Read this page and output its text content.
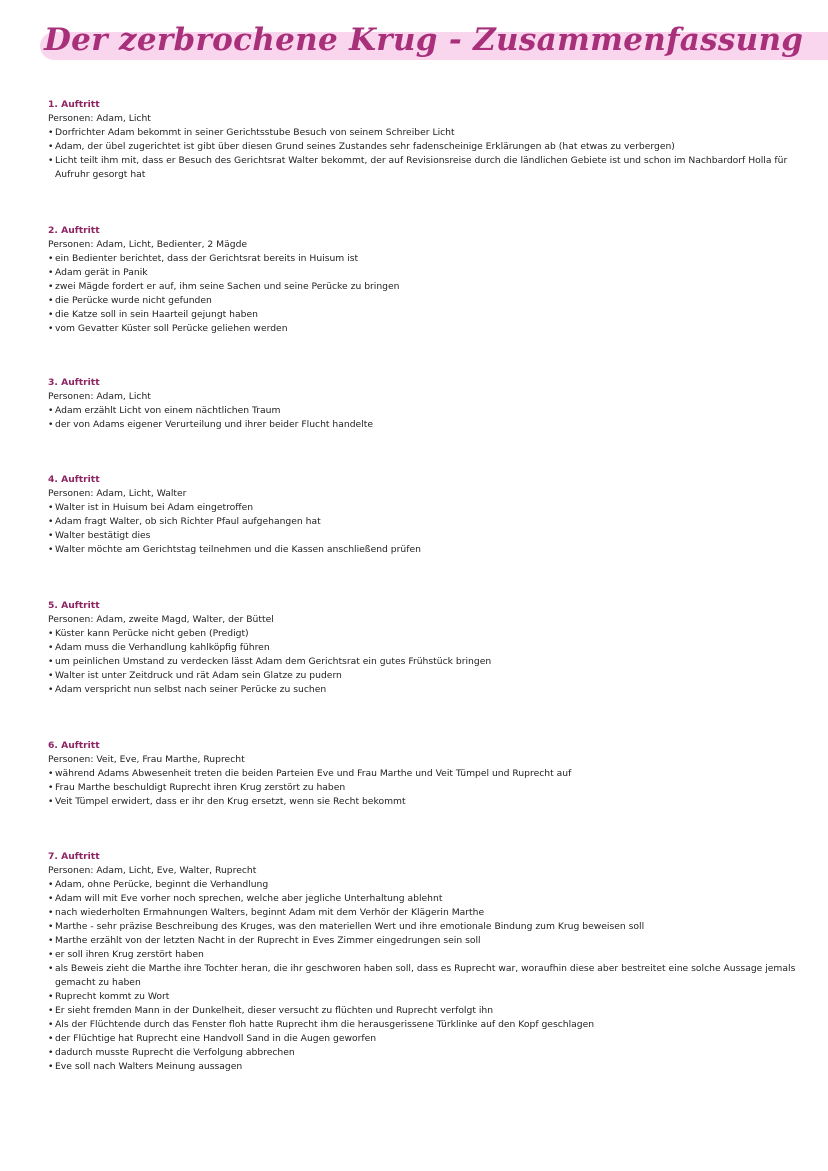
Der zerbrochene Krug - Zusammenfassung
1. Auftritt
Personen: Adam, Licht
• Dorfrichter Adam bekommt in seiner Gerichtsstube Besuch von seinem Schreiber Licht
• Adam, der übel zugerichtet ist gibt über diesen Grund seines Zustandes sehr fadenscheinige Erklärungen ab (hat etwas zu verbergen)
• Licht teilt ihm mit, dass er Besuch des Gerichtsrat Walter bekommt, der auf Revisionsreise durch die ländlichen Gebiete ist und schon im Nachbardorf Holla für Aufruhr gesorgt hat
2. Auftritt
Personen: Adam, Licht, Bedienter, 2 Mägde
• ein Bedienter berichtet, dass der Gerichtsrat bereits in Huisum ist
• Adam gerät in Panik
• zwei Mägde fordert er auf, ihm seine Sachen und seine Perücke zu bringen
• die Perücke wurde nicht gefunden
• die Katze soll in sein Haarteil gejungt haben
• vom Gevatter Küster soll Perücke geliehen werden
3. Auftritt
Personen: Adam, Licht
• Adam erzählt Licht von einem nächtlichen Traum
• der von Adams eigener Verurteilung und ihrer beider Flucht handelte
4. Auftritt
Personen: Adam, Licht, Walter
• Walter ist in Huisum bei Adam eingetroffen
• Adam fragt Walter, ob sich Richter Pfaul aufgehangen hat
• Walter bestätigt dies
• Walter möchte am Gerichtstag teilnehmen und die Kassen anschließend prüfen
5. Auftritt
Personen: Adam, zweite Magd, Walter, der Büttel
• Küster kann Perücke nicht geben (Predigt)
• Adam muss die Verhandlung kahlköpfig führen
• um peinlichen Umstand zu verdecken lässt Adam dem Gerichtsrat ein gutes Frühstück bringen
• Walter ist unter Zeitdruck und rät Adam sein Glatze zu pudern
• Adam verspricht nun selbst nach seiner Perücke zu suchen
6. Auftritt
Personen: Veit, Eve, Frau Marthe, Ruprecht
• während Adams Abwesenheit treten die beiden Parteien Eve und Frau Marthe und Veit Tümpel und Ruprecht auf
• Frau Marthe beschuldigt Ruprecht ihren Krug zerstört zu haben
• Veit Tümpel erwidert, dass er ihr den Krug ersetzt, wenn sie Recht bekommt
7. Auftritt
Personen: Adam, Licht, Eve, Walter, Ruprecht
• Adam, ohne Perücke, beginnt die Verhandlung
• Adam will mit Eve vorher noch sprechen, welche aber jegliche Unterhaltung ablehnt
• nach wiederholten Ermahnungen Walters, beginnt Adam mit dem Verhör der Klägerin Marthe
• Marthe - sehr präzise Beschreibung des Kruges, was den materiellen Wert und ihre emotionale Bindung zum Krug beweisen soll
• Marthe erzählt von der letzten Nacht in der Ruprecht in Eves Zimmer eingedrungen sein soll
• er soll ihren Krug zerstört haben
• als Beweis zieht die Marthe ihre Tochter heran, die ihr geschworen haben soll, dass es Ruprecht war, woraufhin diese aber bestreitet eine solche Aussage jemals gemacht zu haben
• Ruprecht kommt zu Wort
• Er sieht fremden Mann in der Dunkelheit, dieser versucht zu flüchten und Ruprecht verfolgt ihn
• Als der Flüchtende durch das Fenster floh hatte Ruprecht ihm die herausgerissene Türklinke auf den Kopf geschlagen
• der Flüchtige hat Ruprecht eine Handvoll Sand in die Augen geworfen
• dadurch musste Ruprecht die Verfolgung abbrechen
• Eve soll nach Walters Meinung aussagen
